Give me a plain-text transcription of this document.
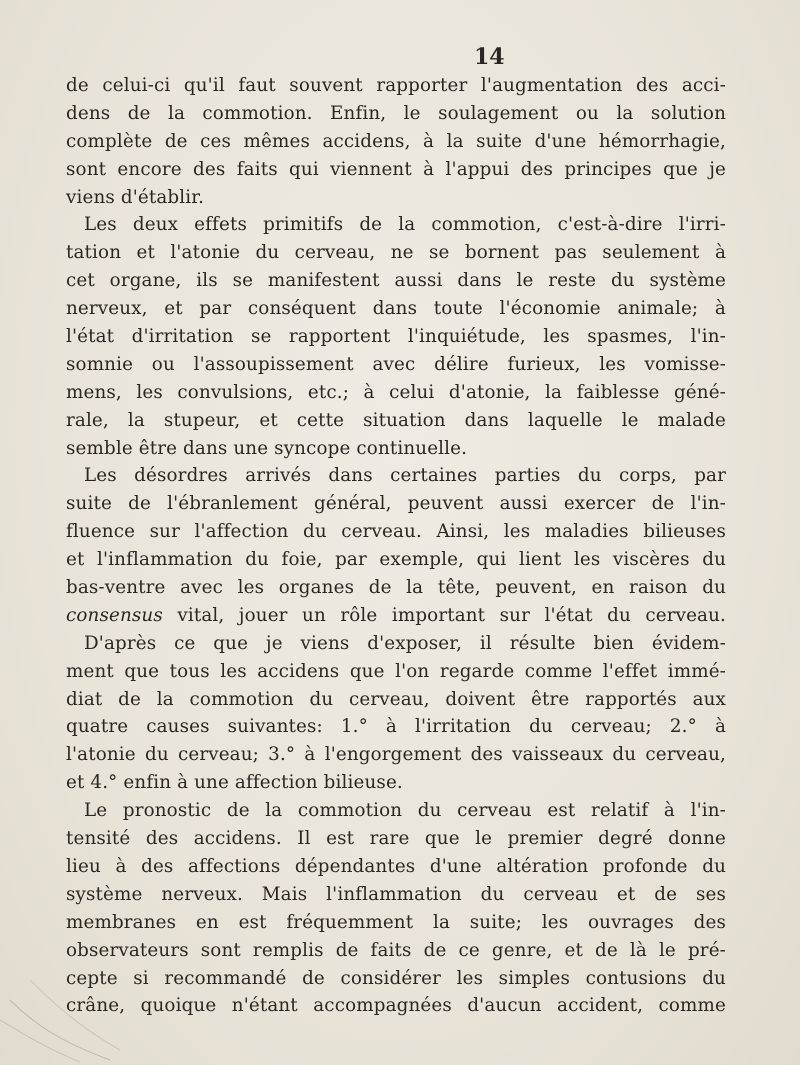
14
de celui-ci qu'il faut souvent rapporter l'augmentation des acci-
dens de la commotion. Enfin, le soulagement ou la solution
complète de ces mêmes accidens, à la suite d'une hémorrhagie,
sont encore des faits qui viennent à l'appui des principes que je
viens d'établir.
Les deux effets primitifs de la commotion, c'est-à-dire l'irri-
tation et l'atonie du cerveau, ne se bornent pas seulement à
cet organe, ils se manifestent aussi dans le reste du système
nerveux, et par conséquent dans toute l'économie animale; à
l'état d'irritation se rapportent l'inquiétude, les spasmes, l'in-
somnie ou l'assoupissement avec délire furieux, les vomisse-
mens, les convulsions, etc.; à celui d'atonie, la faiblesse géné-
rale, la stupeur, et cette situation dans laquelle le malade
semble être dans une syncope continuelle.
Les désordres arrivés dans certaines parties du corps, par
suite de l'ébranlement général, peuvent aussi exercer de l'in-
fluence sur l'affection du cerveau. Ainsi, les maladies bilieuses
et l'inflammation du foie, par exemple, qui lient les viscères du
bas-ventre avec les organes de la tête, peuvent, en raison du
consensus vital, jouer un rôle important sur l'état du cerveau.
D'après ce que je viens d'exposer, il résulte bien évidem-
ment que tous les accidens que l'on regarde comme l'effet immé-
diat de la commotion du cerveau, doivent être rapportés aux
quatre causes suivantes: 1.° à l'irritation du cerveau; 2.° à
l'atonie du cerveau; 3.° à l'engorgement des vaisseaux du cerveau,
et 4.° enfin à une affection bilieuse.
Le pronostic de la commotion du cerveau est relatif à l'in-
tensité des accidens. Il est rare que le premier degré donne
lieu à des affections dépendantes d'une altération profonde du
système nerveux. Mais l'inflammation du cerveau et de ses
membranes en est fréquemment la suite; les ouvrages des
observateurs sont remplis de faits de ce genre, et de là le pré-
cepte si recommandé de considérer les simples contusions du
crâne, quoique n'étant accompagnées d'aucun accident, comme
